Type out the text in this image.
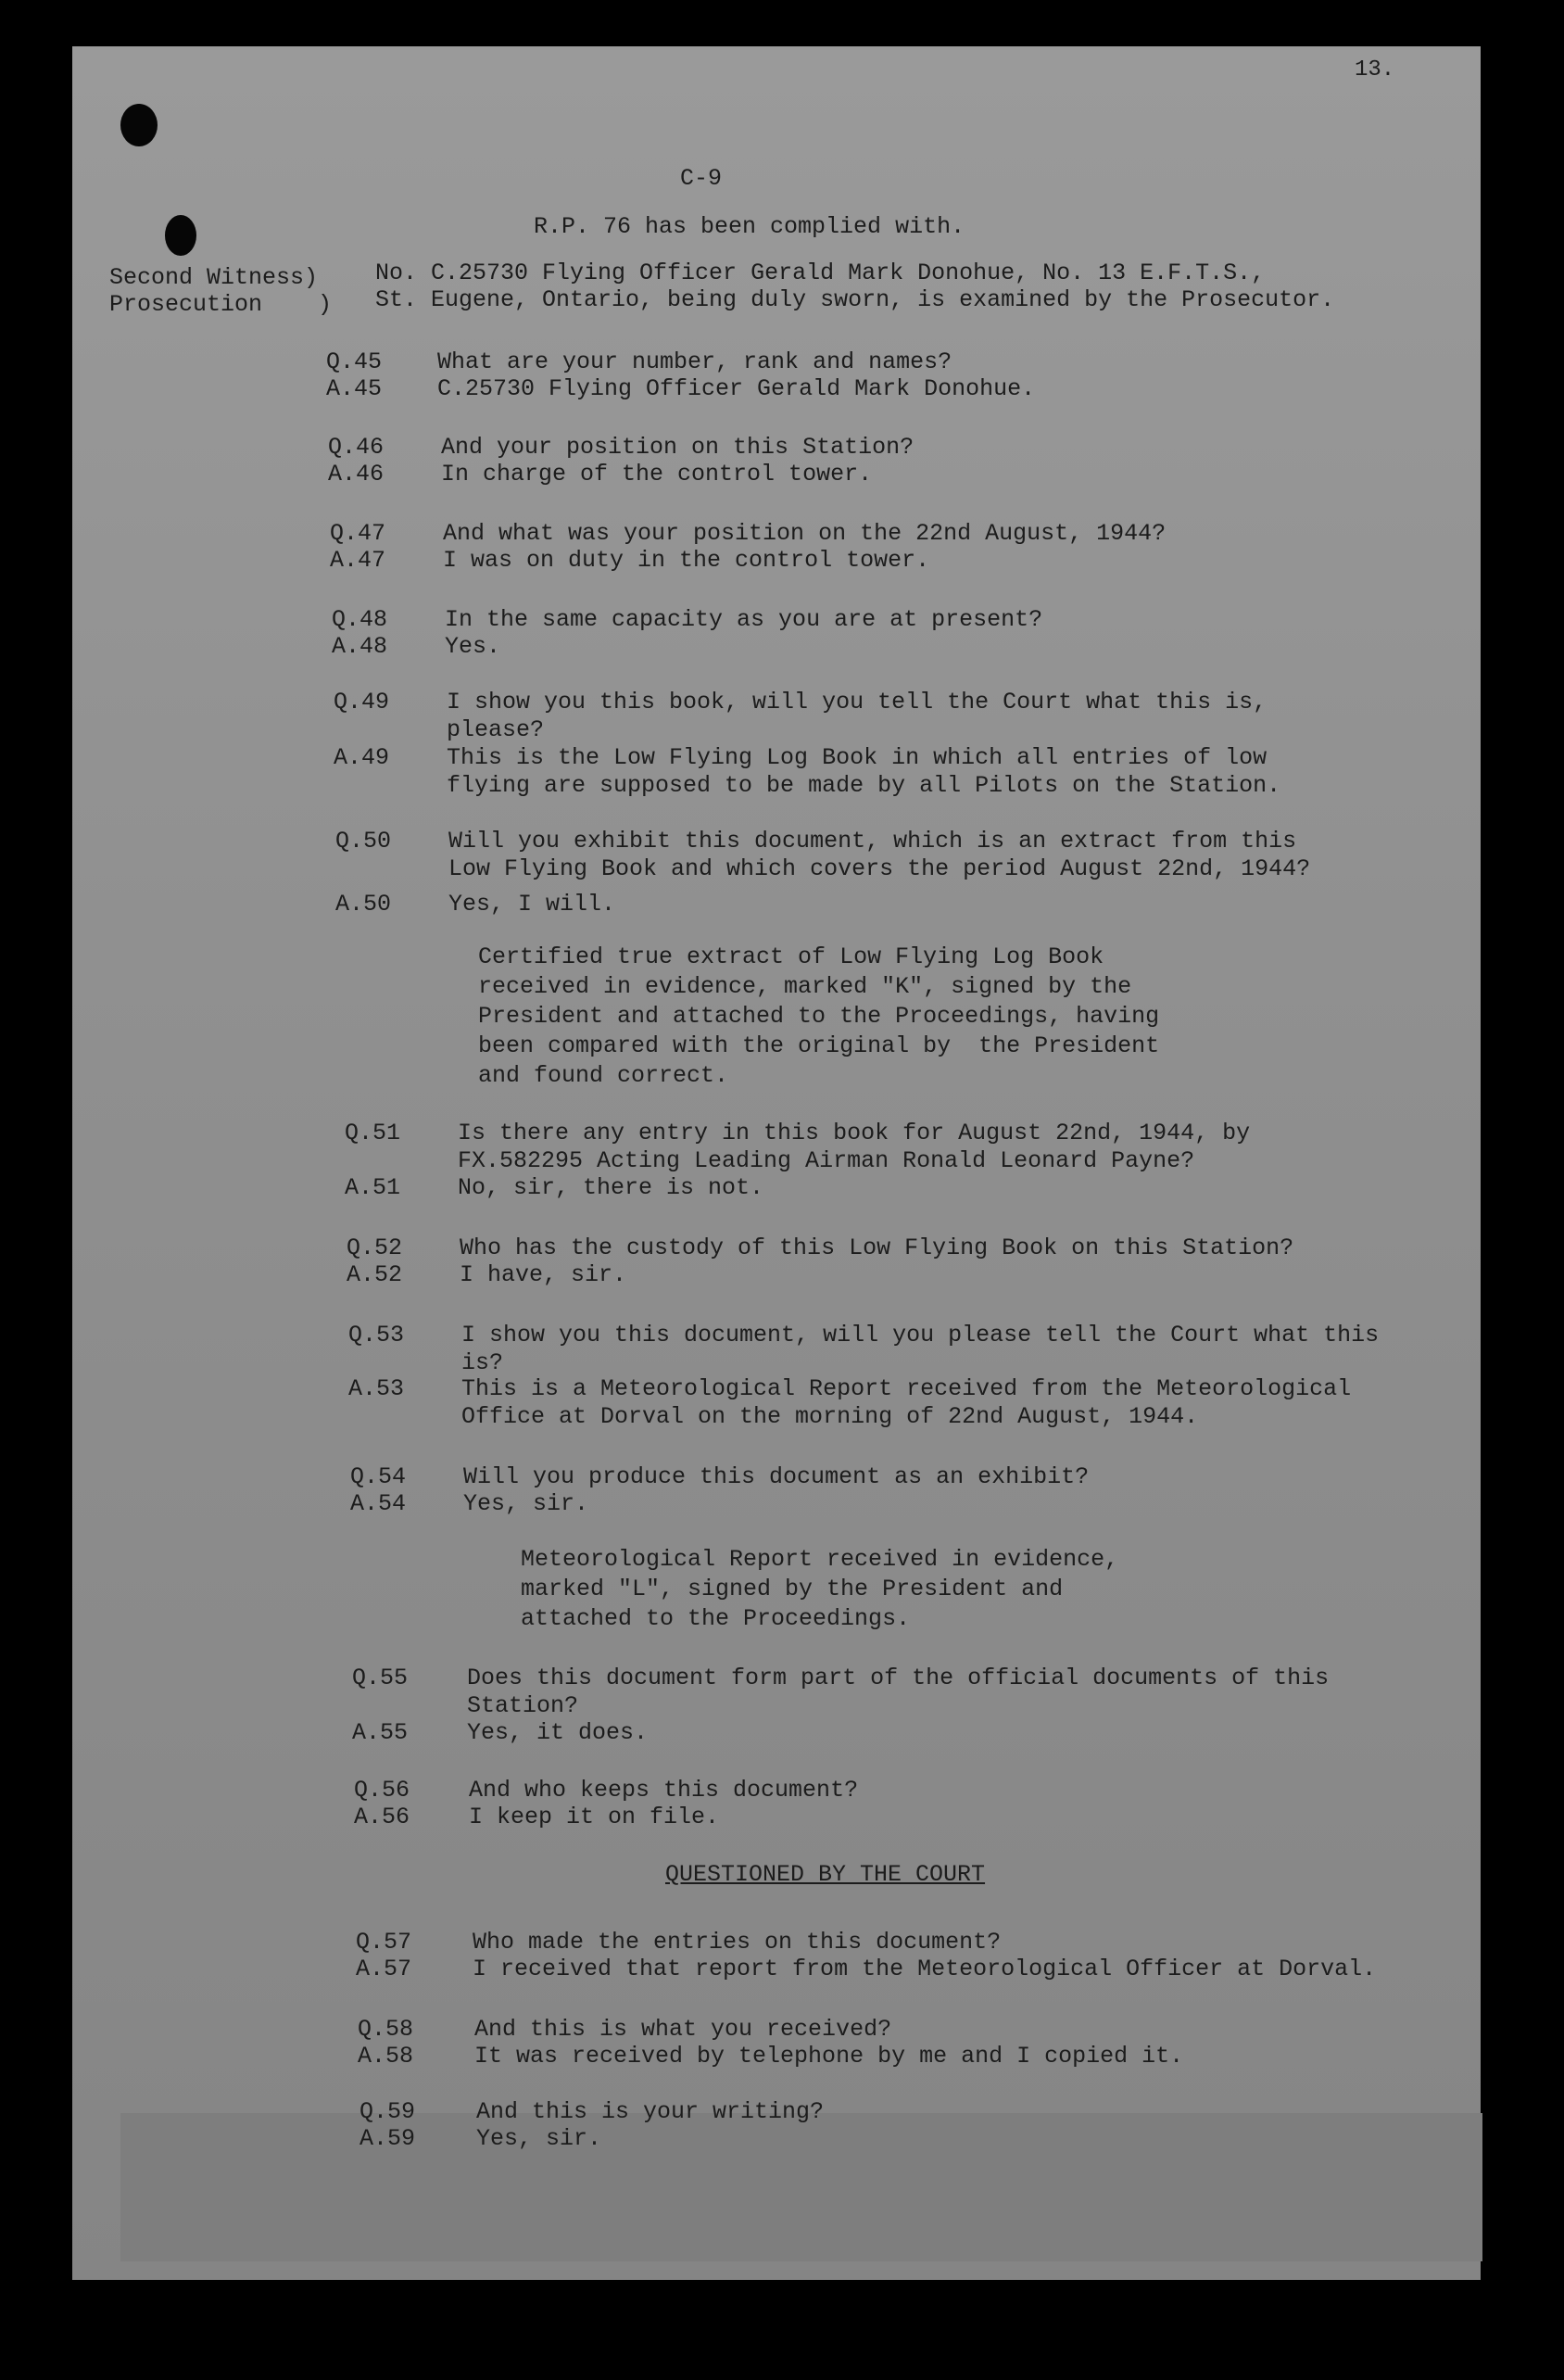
13.
C-9
R.P. 76 has been complied with.
Second Witness)
Prosecution    )
No. C.25730 Flying Officer Gerald Mark Donohue, No. 13 E.F.T.S.,
St. Eugene, Ontario, being duly sworn, is examined by the Prosecutor.
Q.45 What are your number, rank and names?
A.45 C.25730 Flying Officer Gerald Mark Donohue.
Q.46 And your position on this Station?
A.46 In charge of the control tower.
Q.47 And what was your position on the 22nd August, 1944?
A.47 I was on duty in the control tower.
Q.48 In the same capacity as you are at present?
A.48 Yes.
Q.49 I show you this book, will you tell the Court what this is,
please?
A.49 This is the Low Flying Log Book in which all entries of low
flying are supposed to be made by all Pilots on the Station.
Q.50 Will you exhibit this document, which is an extract from this
Low Flying Book and which covers the period August 22nd, 1944?
A.50 Yes, I will.
Q.51 Is there any entry in this book for August 22nd, 1944, by
FX.582295 Acting Leading Airman Ronald Leonard Payne?
A.51 No, sir, there is not.
Q.52 Who has the custody of this Low Flying Book on this Station?
A.52 I have, sir.
Q.53 I show you this document, will you please tell the Court what this
is?
A.53 This is a Meteorological Report received from the Meteorological
Office at Dorval on the morning of 22nd August, 1944.
Q.54 Will you produce this document as an exhibit?
A.54 Yes, sir.
Q.55	Does this document form part of the official documents of this
Station?
A.55	Yes, it does.
Q.56	And who keeps this document?
A.56	I keep it on file.
Q.57	Who made the entries on this document?
A.57	I received that report from the Meteorological Officer at Dorval.
Q.58	And this is what you received?
A.58	It was received by telephone by me and I copied it.
Q.59	And this is your writing?
A.59	Yes, sir.
Certified true extract of Low Flying Log Book
received in evidence, marked "K", signed by the
President and attached to the Proceedings, having
been compared with the original by  the President
and found correct.
Meteorological Report received in evidence,
marked "L", signed by the President and
attached to the Proceedings.
QUESTIONED BY THE COURT
